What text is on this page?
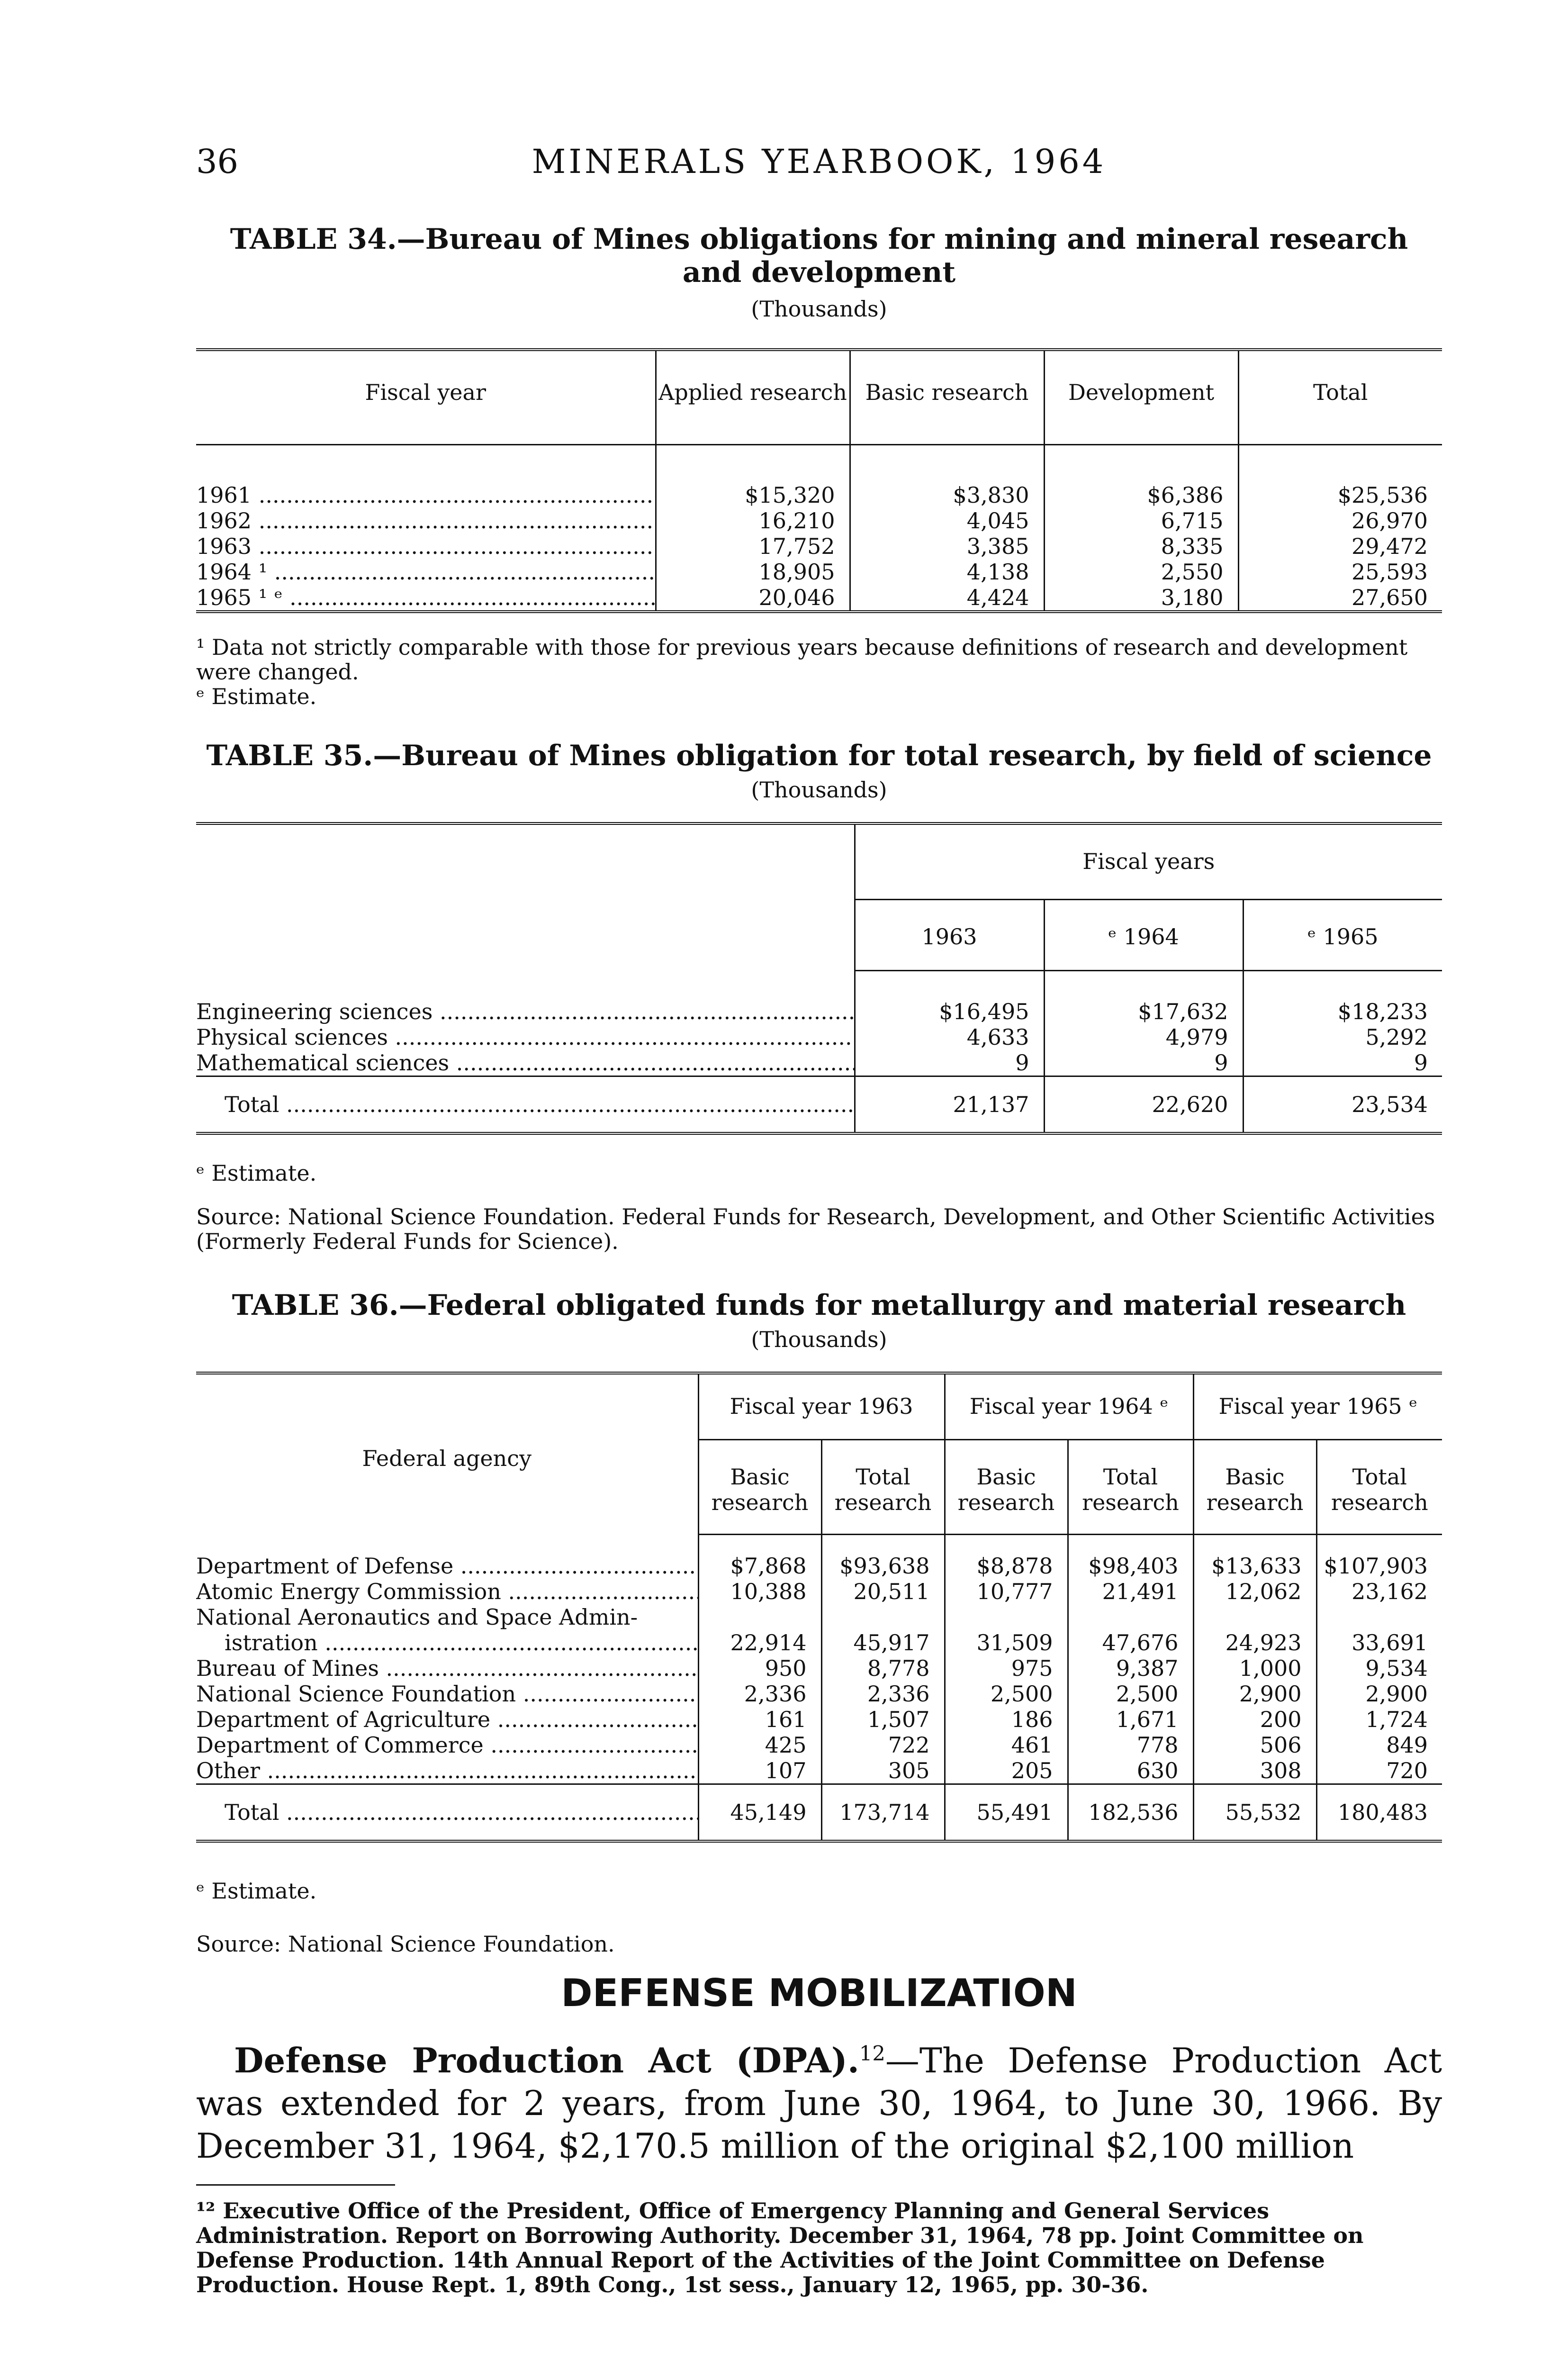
36	MINERALS YEARBOOK, 1964
TABLE 34.—Bureau of Mines obligations for mining and mineral research and development
(Thousands)
Fiscal year	Applied research	Basic research	Development	Total

1961 .....	$15,320	$3,830	$6,386	$25,536
1962 .....	16,210	4,045	6,715	26,970
1963 .....	17,752	3,385	8,335	29,472
1964 ¹ .....	18,905	4,138	2,550	25,593
1965 ¹ ᵉ .....	20,046	4,424	3,180	27,650

¹ Data not strictly comparable with those for previous years because definitions of research and development were changed.

ᵉ Estimate.

TABLE 35.—Bureau of Mines obligation for total research, by field of science
(Thousands)
	Fiscal years		
	1963	ᵉ 1964	ᵉ 1965

Engineering sciences .....	$16,495	$17,632	$18,233
Physical sciences .....	4,633	4,979	5,292
Mathematical sciences .....	9	9	9
Total .....	21,137	22,620	23,534

ᵉ Estimate.

Source: National Science Foundation. Federal Funds for Research, Development, and Other Scientific Activities (Formerly Federal Funds for Science).

TABLE 36.—Federal obligated funds for metallurgy and material research
(Thousands)
Federal agency	Fiscal year 1963		Fiscal year 1964 ᵉ		Fiscal year 1965 ᵉ	
	Basic research	Total research	Basic research	Total research	Basic research	Total research

Department of Defense .....	$7,868	$93,638	$8,878	$98,403	$13,633	$107,903
Atomic Energy Commission .....	10,388	20,511	10,777	21,491	12,062	23,162
National Aeronautics and Space Admin-						
istration .....	22,914	45,917	31,509	47,676	24,923	33,691
Bureau of Mines .....	950	8,778	975	9,387	1,000	9,534
National Science Foundation .....	2,336	2,336	2,500	2,500	2,900	2,900
Department of Agriculture .....	161	1,507	186	1,671	200	1,724
Department of Commerce .....	425	722	461	778	506	849
Other .....	107	305	205	630	308	720
Total .....	45,149	173,714	55,491	182,536	55,532	180,483

ᵉ Estimate.

Source: National Science Foundation.

DEFENSE MOBILIZATION
Defense Production Act (DPA).$^{12}$—The Defense Production Act was extended for 2 years, from June 30, 1964, to June 30, 1966. By December 31, 1964, $2,170.5 million of the original $2,100 million
¹² Executive Office of the President, Office of Emergency Planning and General Services Administration. Report on Borrowing Authority. December 31, 1964, 78 pp. Joint Committee on Defense Production. 14th Annual Report of the Activities of the Joint Committee on Defense Production. House Rept. 1, 89th Cong., 1st sess., January 12, 1965, pp. 30-36.
